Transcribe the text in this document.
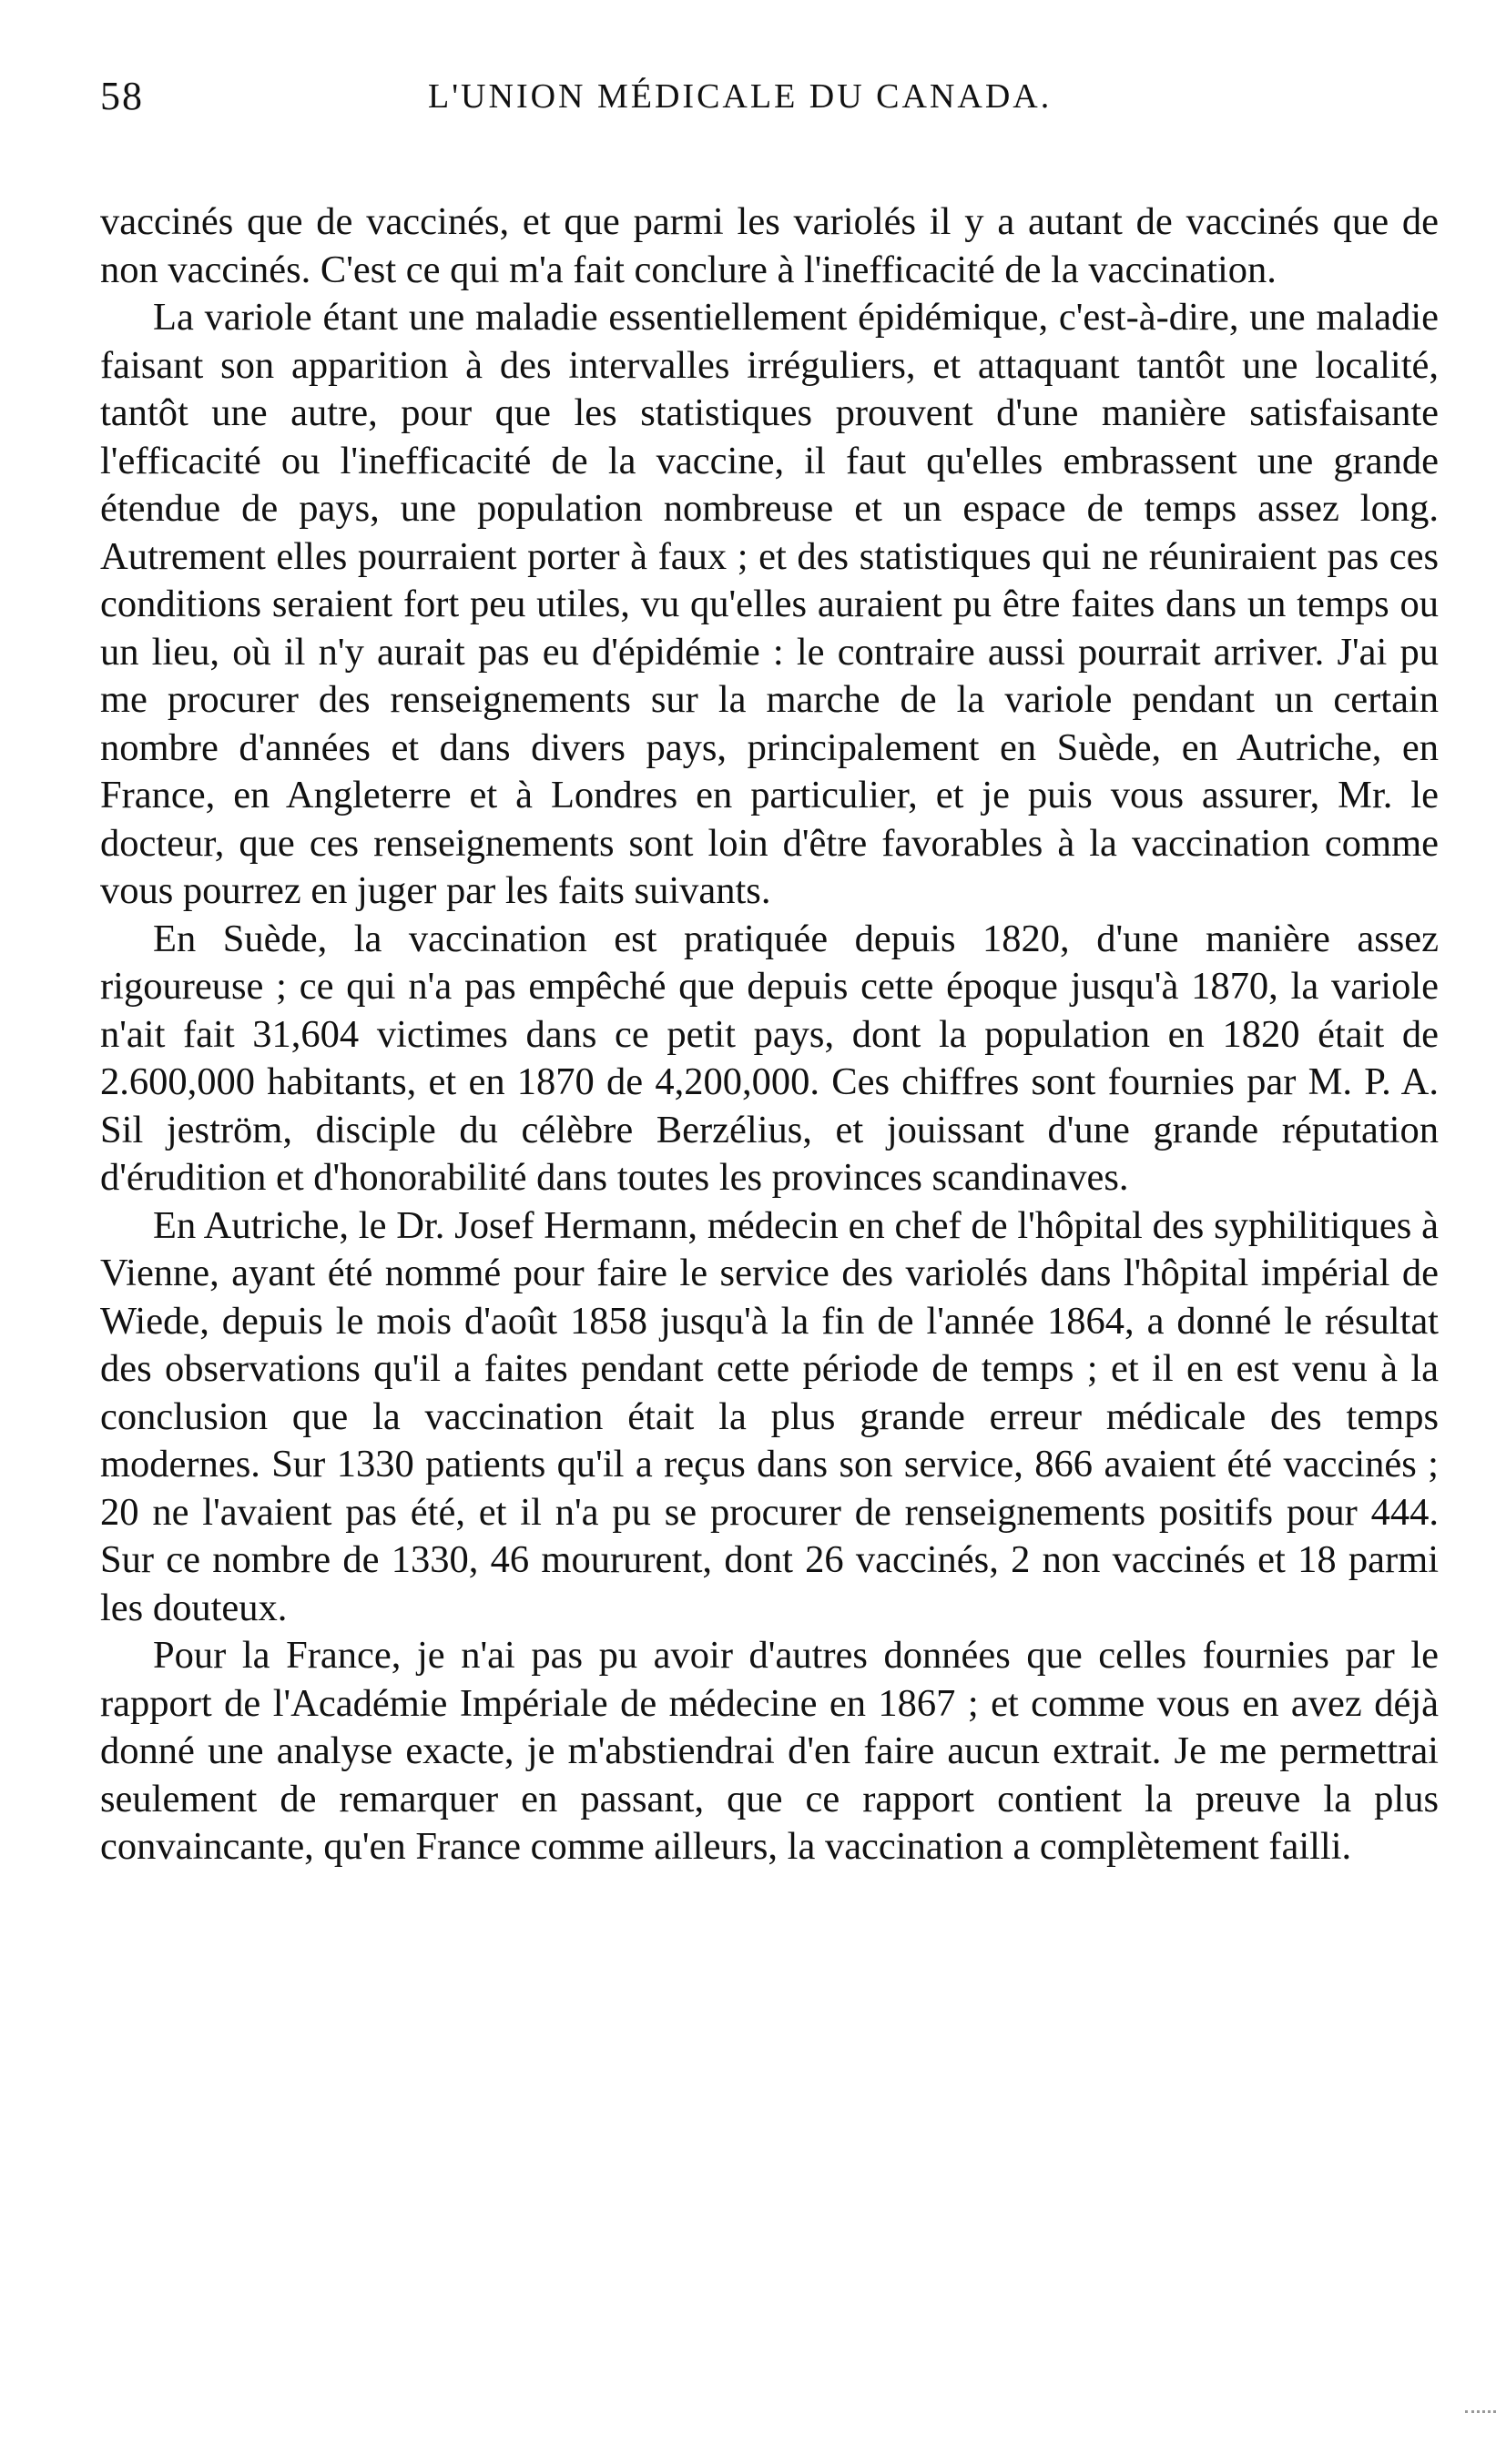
58	L'UNION MÉDICALE DU CANADA.

vaccinés que de vaccinés, et que parmi les variolés il y a autant de vaccinés que de non vaccinés. C'est ce qui m'a fait conclure à l'inefficacité de la vaccination.

La variole étant une maladie essentiellement épidémique, c'est-à-dire, une maladie faisant son apparition à des intervalles irréguliers, et attaquant tantôt une localité, tantôt une autre, pour que les statistiques prouvent d'une manière satisfaisante l'efficacité ou l'inefficacité de la vaccine, il faut qu'elles embrassent une grande étendue de pays, une population nombreuse et un espace de temps assez long. Autrement elles pourraient porter à faux ; et des statistiques qui ne réuniraient pas ces conditions seraient fort peu utiles, vu qu'elles auraient pu être faites dans un temps ou un lieu, où il n'y aurait pas eu d'épidémie : le contraire aussi pourrait arriver. J'ai pu me procurer des renseignements sur la marche de la variole pendant un certain nombre d'années et dans divers pays, principalement en Suède, en Autriche, en France, en Angleterre et à Londres en particulier, et je puis vous assurer, Mr. le docteur, que ces renseignements sont loin d'être favorables à la vaccination comme vous pourrez en juger par les faits suivants.

En Suède, la vaccination est pratiquée depuis 1820, d'une manière assez rigoureuse ; ce qui n'a pas empêché que depuis cette époque jusqu'à 1870, la variole n'ait fait 31,604 victimes dans ce petit pays, dont la population en 1820 était de 2.600,000 habitants, et en 1870 de 4,200,000. Ces chiffres sont fournies par M. P. A. Sil jeström, disciple du célèbre Berzélius, et jouissant d'une grande réputation d'érudition et d'honorabilité dans toutes les provinces scandinaves.

En Autriche, le Dr. Josef Hermann, médecin en chef de l'hôpital des syphilitiques à Vienne, ayant été nommé pour faire le service des variolés dans l'hôpital impérial de Wiede, depuis le mois d'août 1858 jusqu'à la fin de l'année 1864, a donné le résultat des observations qu'il a faites pendant cette période de temps ; et il en est venu à la conclusion que la vaccination était la plus grande erreur médicale des temps modernes. Sur 1330 patients qu'il a reçus dans son service, 866 avaient été vaccinés ; 20 ne l'avaient pas été, et il n'a pu se procurer de renseignements positifs pour 444. Sur ce nombre de 1330, 46 moururent, dont 26 vaccinés, 2 non vaccinés et 18 parmi les douteux.

Pour la France, je n'ai pas pu avoir d'autres données que celles fournies par le rapport de l'Académie Impériale de médecine en 1867 ; et comme vous en avez déjà donné une analyse exacte, je m'abstiendrai d'en faire aucun extrait. Je me permettrai seulement de remarquer en passant, que ce rapport contient la preuve la plus convaincante, qu'en France comme ailleurs, la vaccination a complètement failli.
